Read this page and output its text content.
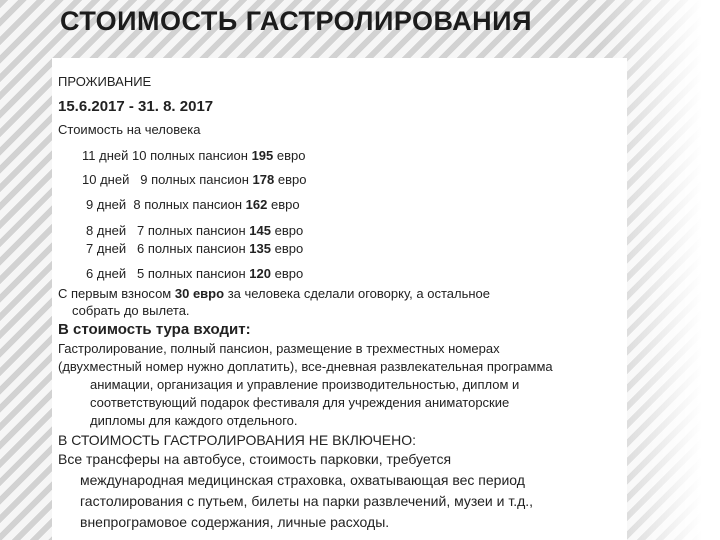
СТОИМОСТЬ ГАСТРОЛИРОВАНИЯ
ПРОЖИВАНИЕ
15.6.2017 - 31. 8. 2017
Стоимость на человека
11 дней 10 полных пансион 195 евро
10 дней 9 полных пансион 178 евро
9 дней 8 полных пансион 162 евро
8 дней 7 полных пансион 145 евро
7 дней 6 полных пансион 135 евро
6 дней 5 полных пансион 120 евро
С первым взносом 30 евро за человека сделали оговорку, а остальное
собрать до вылета.
В стоимость тура входит:
Гастролирование, полный пансион, размещение в трехместных номерах
(двухместный номер нужно доплатить), все-дневная развлекательная программа
анимации, организация и управление производительностью, диплом и
соответствующий подарок фестиваля для учреждения аниматорские
дипломы для каждого отдельного.
В СТОИМОСТЬ ГАСТРОЛИРОВАНИЯ НЕ ВКЛЮЧЕНО:
Все трансферы на автобусе, стоимость парковки, требуется
международная медицинская страховка, охватывающая вес период
гастолирования с путьем, билеты на парки развлечений, музеи и т.д.,
внепрограмовое содержания, личные расходы.
